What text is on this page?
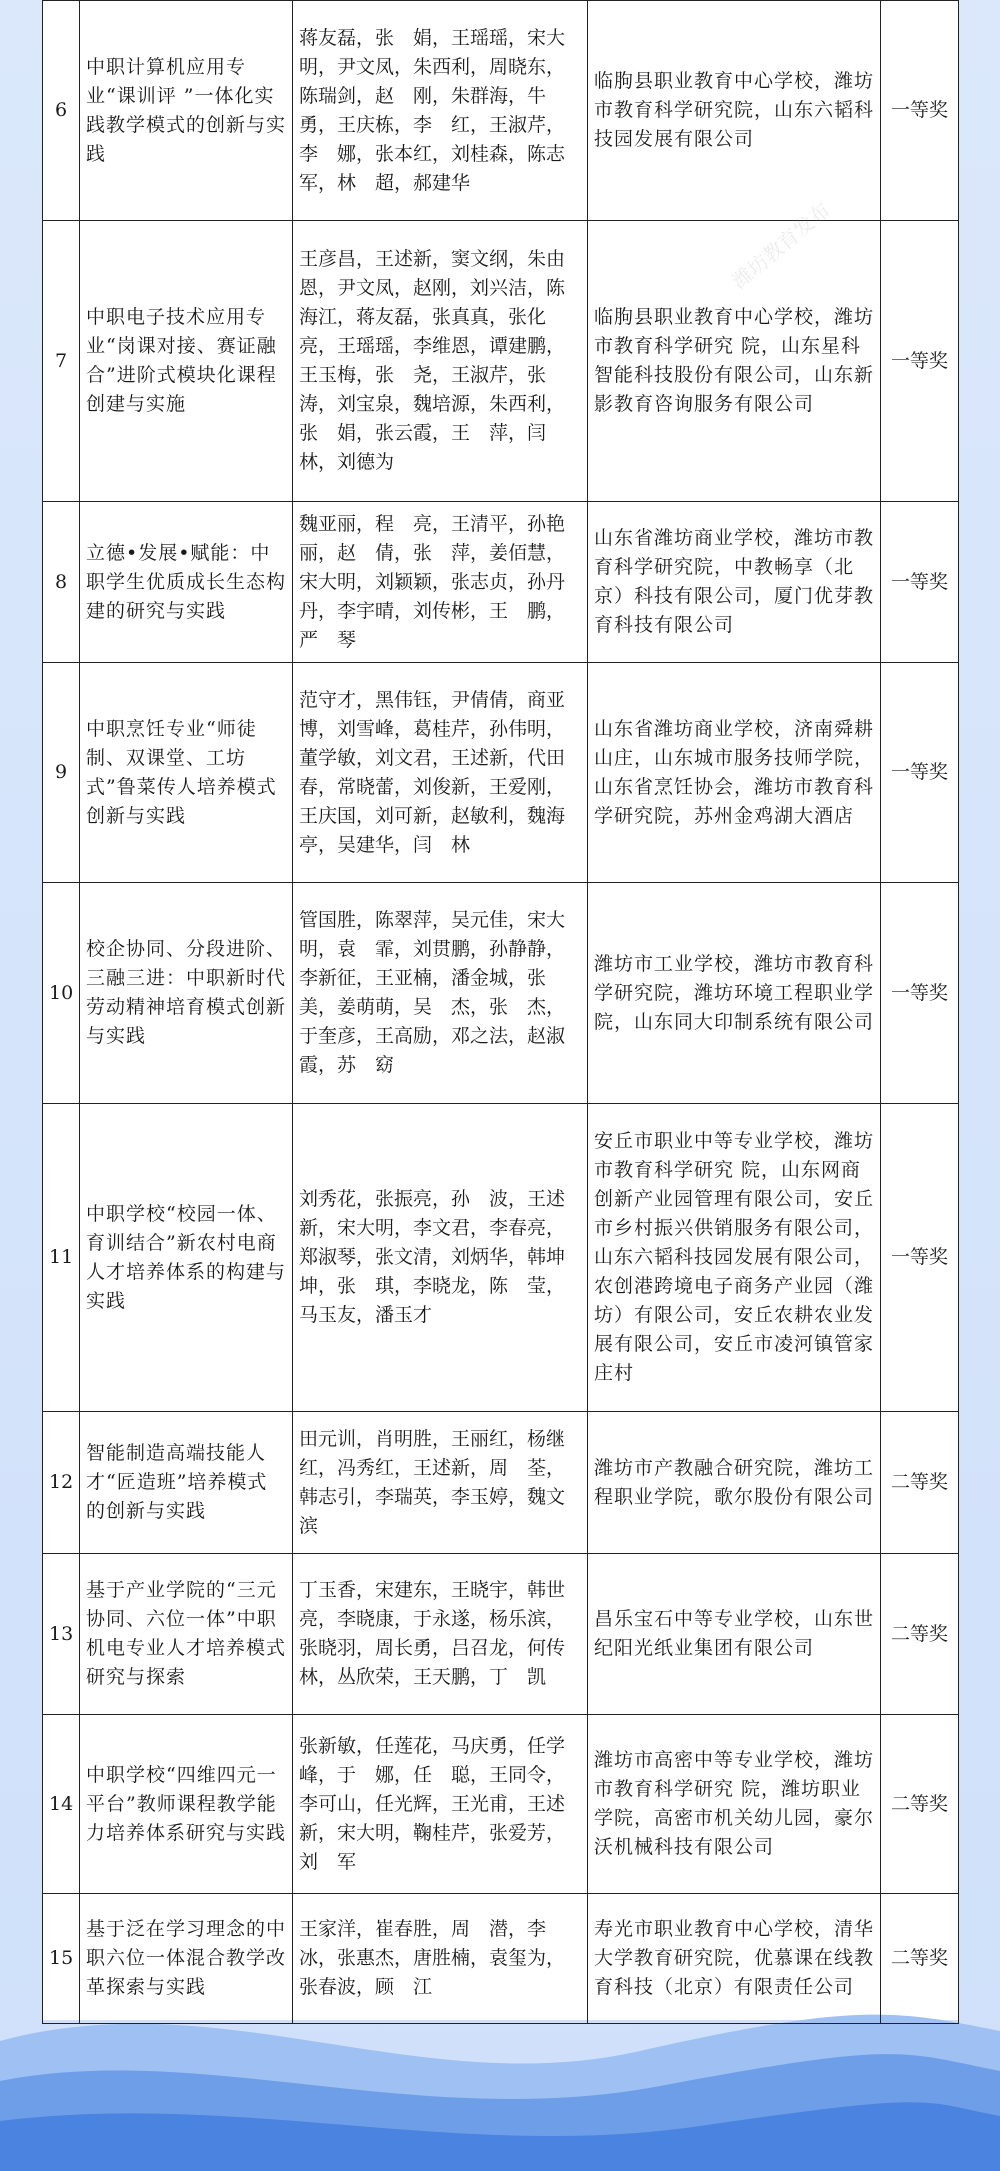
6	中职计算机应用专业“课训评 ”一体化实践教学模式的创新与实践	蒋友磊，张　娟，王瑶瑶，宋大明，尹文凤，朱西利，周晓东，陈瑞剑，赵　刚，朱群海，牛　勇，王庆栋，李　红，王淑芹，李　娜，张本红，刘桂森，陈志军，林　超，郝建华	临朐县职业教育中心学校，潍坊市教育科学研究院，山东六韬科技园发展有限公司	一等奖
7	中职电子技术应用专业“岗课对接、赛证融合”进阶式模块化课程创建与实施	王彦昌，王述新，窦文纲，朱由恩，尹文凤，赵刚，刘兴洁，陈海江，蒋友磊，张真真，张化亮，王瑶瑶，李维恩，谭建鹏，王玉梅，张　尧，王淑芹，张　涛，刘宝泉，魏培源，朱西利，张　娟，张云霞，王　萍，闫　林，刘德为	临朐县职业教育中心学校，潍坊市教育科学研究 院，山东星科智能科技股份有限公司，山东新影教育咨询服务有限公司	一等奖
8	立德•发展•赋能：中职学生优质成长生态构建的研究与实践	魏亚丽，程　亮，王清平，孙艳丽，赵　倩，张　萍，姜佰慧，宋大明，刘颖颖，张志贞，孙丹丹，李宇晴，刘传彬，王　鹏，严　琴	山东省潍坊商业学校，潍坊市教育科学研究院，中教畅享（北京）科技有限公司，厦门优芽教育科技有限公司	一等奖
9	中职烹饪专业“师徒制、双课堂、工坊式”鲁菜传人培养模式创新与实践	范守才，黑伟钰，尹倩倩，商亚博，刘雪峰，葛桂芹，孙伟明，董学敏，刘文君，王述新，代田春，常晓蕾，刘俊新，王爱刚，王庆国，刘可新，赵敏利，魏海亭，吴建华，闫　林	山东省潍坊商业学校，济南舜耕山庄，山东城市服务技师学院，山东省烹饪协会，潍坊市教育科学研究院，苏州金鸡湖大酒店	一等奖
10	校企协同、分段进阶、三融三进：中职新时代劳动精神培育模式创新与实践	管国胜，陈翠萍，吴元佳，宋大明，袁　霏，刘贯鹏，孙静静，李新征，王亚楠，潘金城，张　美，姜萌萌，吴　杰，张　杰，于奎彦，王高励，邓之法，赵淑霞，苏　窈	潍坊市工业学校，潍坊市教育科学研究院，潍坊环境工程职业学院，山东同大印制系统有限公司	一等奖
11	中职学校“校园一体、育训结合”新农村电商人才培养体系的构建与实践	刘秀花，张振亮，孙　波，王述新，宋大明，李文君，李春亮，郑淑琴，张文清，刘炳华，韩坤坤，张　琪，李晓龙，陈　莹，马玉友，潘玉才	安丘市职业中等专业学校，潍坊市教育科学研究 院，山东网商创新产业园管理有限公司，安丘市乡村振兴供销服务有限公司，山东六韬科技园发展有限公司，农创港跨境电子商务产业园（潍坊）有限公司，安丘农耕农业发展有限公司，安丘市凌河镇管家庄村	一等奖
12	智能制造高端技能人才“匠造班”培养模式的创新与实践	田元训，肖明胜，王丽红，杨继红，冯秀红，王述新，周　荃，韩志引，李瑞英，李玉婷，魏文滨	潍坊市产教融合研究院，潍坊工程职业学院，歌尔股份有限公司	二等奖
13	基于产业学院的“三元协同、六位一体”中职机电专业人才培养模式研究与探索	丁玉香，宋建东，王晓宇，韩世亮，李晓康，于永遂，杨乐滨，张晓羽，周长勇，吕召龙，何传林，丛欣荣，王天鹏，丁　凯	昌乐宝石中等专业学校，山东世纪阳光纸业集团有限公司	二等奖
14	中职学校“四维四元一平台”教师课程教学能力培养体系研究与实践	张新敏，任莲花，马庆勇，任学峰，于　娜，任　聪，王同令，李可山，任光辉，王光甫，王述新，宋大明，鞠桂芹，张爱芳，刘　军	潍坊市高密中等专业学校，潍坊市教育科学研究 院，潍坊职业学院，高密市机关幼儿园，豪尔沃机械科技有限公司	二等奖
15	基于泛在学习理念的中职六位一体混合教学改革探索与实践	王家洋，崔春胜，周　潜，李　冰，张惠杰，唐胜楠，袁玺为，张春波，顾　江	寿光市职业教育中心学校，清华大学教育研究院，优慕课在线教育科技（北京）有限责任公司	二等奖
